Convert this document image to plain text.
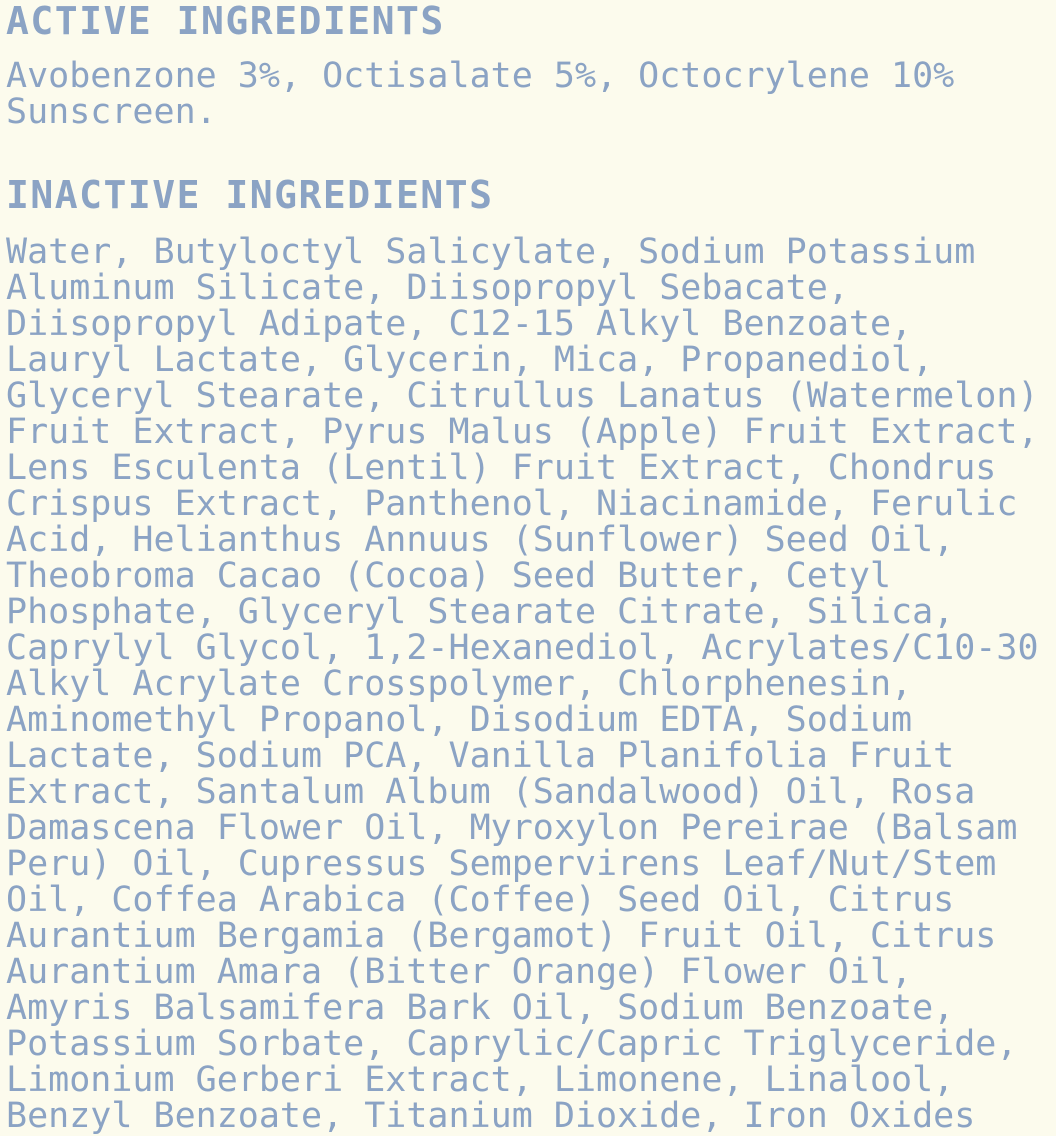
ACTIVE INGREDIENTS

Avobenzone 3%, Octisalate 5%, Octocrylene 10% Sunscreen.

INACTIVE INGREDIENTS

Water, Butyloctyl Salicylate, Sodium Potassium Aluminum Silicate, Diisopropyl Sebacate, Diisopropyl Adipate, C12-15 Alkyl Benzoate, Lauryl Lactate, Glycerin, Mica, Propanediol, Glyceryl Stearate, Citrullus Lanatus (Watermelon) Fruit Extract, Pyrus Malus (Apple) Fruit Extract, Lens Esculenta (Lentil) Fruit Extract, Chondrus Crispus Extract, Panthenol, Niacinamide, Ferulic Acid, Helianthus Annuus (Sunflower) Seed Oil, Theobroma Cacao (Cocoa) Seed Butter, Cetyl Phosphate, Glyceryl Stearate Citrate, Silica, Caprylyl Glycol, 1,2-Hexanediol, Acrylates/C10-30 Alkyl Acrylate Crosspolymer, Chlorphenesin, Aminomethyl Propanol, Disodium EDTA, Sodium Lactate, Sodium PCA, Vanilla Planifolia Fruit Extract, Santalum Album (Sandalwood) Oil, Rosa Damascena Flower Oil, Myroxylon Pereirae (Balsam Peru) Oil, Cupressus Sempervirens Leaf/Nut/Stem Oil, Coffea Arabica (Coffee) Seed Oil, Citrus Aurantium Bergamia (Bergamot) Fruit Oil, Citrus Aurantium Amara (Bitter Orange) Flower Oil, Amyris Balsamifera Bark Oil, Sodium Benzoate, Potassium Sorbate, Caprylic/Capric Triglyceride, Limonium Gerberi Extract, Limonene, Linalool, Benzyl Benzoate, Titanium Dioxide, Iron Oxides
